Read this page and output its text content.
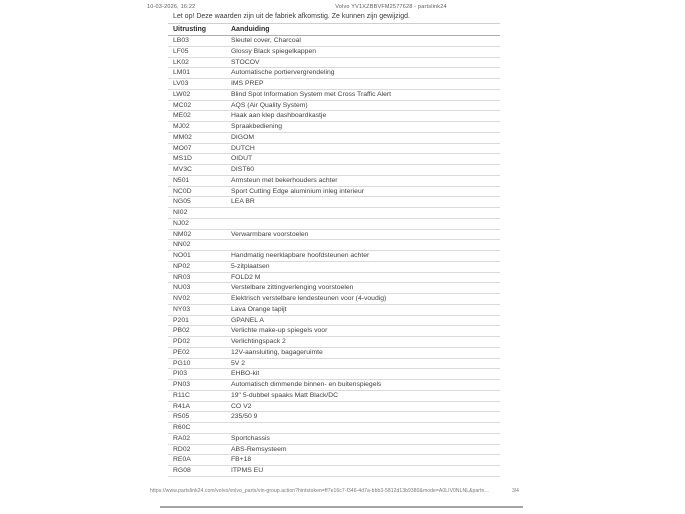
10-03-2026, 16:22	Volvo YV1XZBBVFM2577628 - partslink24
Let op! Deze waarden zijn uit de fabriek afkomstig. Ze kunnen zijn gewijzigd.
Uitrusting	Aanduiding
LB03	Sleutel cover, Charcoal
LF05	Glossy Black spiegelkappen
LK02	STOCOV
LM01	Automatische portiervergrendeling
LV03	IMS PREP
LW02	Blind Spot Information System met Cross Traffic Alert
MC02	AQS (Air Quality System)
ME02	Haak aan klep dashboardkastje
MJ02	Spraakbediening
MM02	DIGOM
MO07	DUTCH
MS1D	OIDUT
MV3C	DIST60
N501	Armsteun met bekerhouders achter
NC0D	Sport Cutting Edge aluminium inleg interieur
NG05	LEA BR
NI02
NJ02
NM02	Verwarmbare voorstoelen
NN02
NO01	Handmatig neerklapbare hoofdsteunen achter
NP02	5-zitplaatsen
NR03	FOLD2 M
NU03	Verstelbare zittingverlenging voorstoelen
NV02	Elektrisch verstelbare lendesteunen voor (4-voudig)
NY03	Lava Orange tapijt
P201	GPANEL A
PB02	Verlichte make-up spiegels voor
PD02	Verlichtingspack 2
PE02	12V-aansluiting, bagageruimte
PG10	5V 2
PI03	EHBO-kit
PN03	Automatisch dimmende binnen- en buitenspiegels
R11C	19" 5-dubbel spaaks Matt Black/DC
R41A	CO V2
R505	235/50 9
R60C
RA02	Sportchassis
RD02	ABS-Remsysteem
RE0A	FB+18
RG08	ITPMS EU
https://www.partslink24.com/volvo/volvo_parts/vin-group.action?hintstoken=ff7e16c7-f346-4d7a-bbb3-5812d13b9380&mode=A0LIV0NLNL&partn...	3/4
